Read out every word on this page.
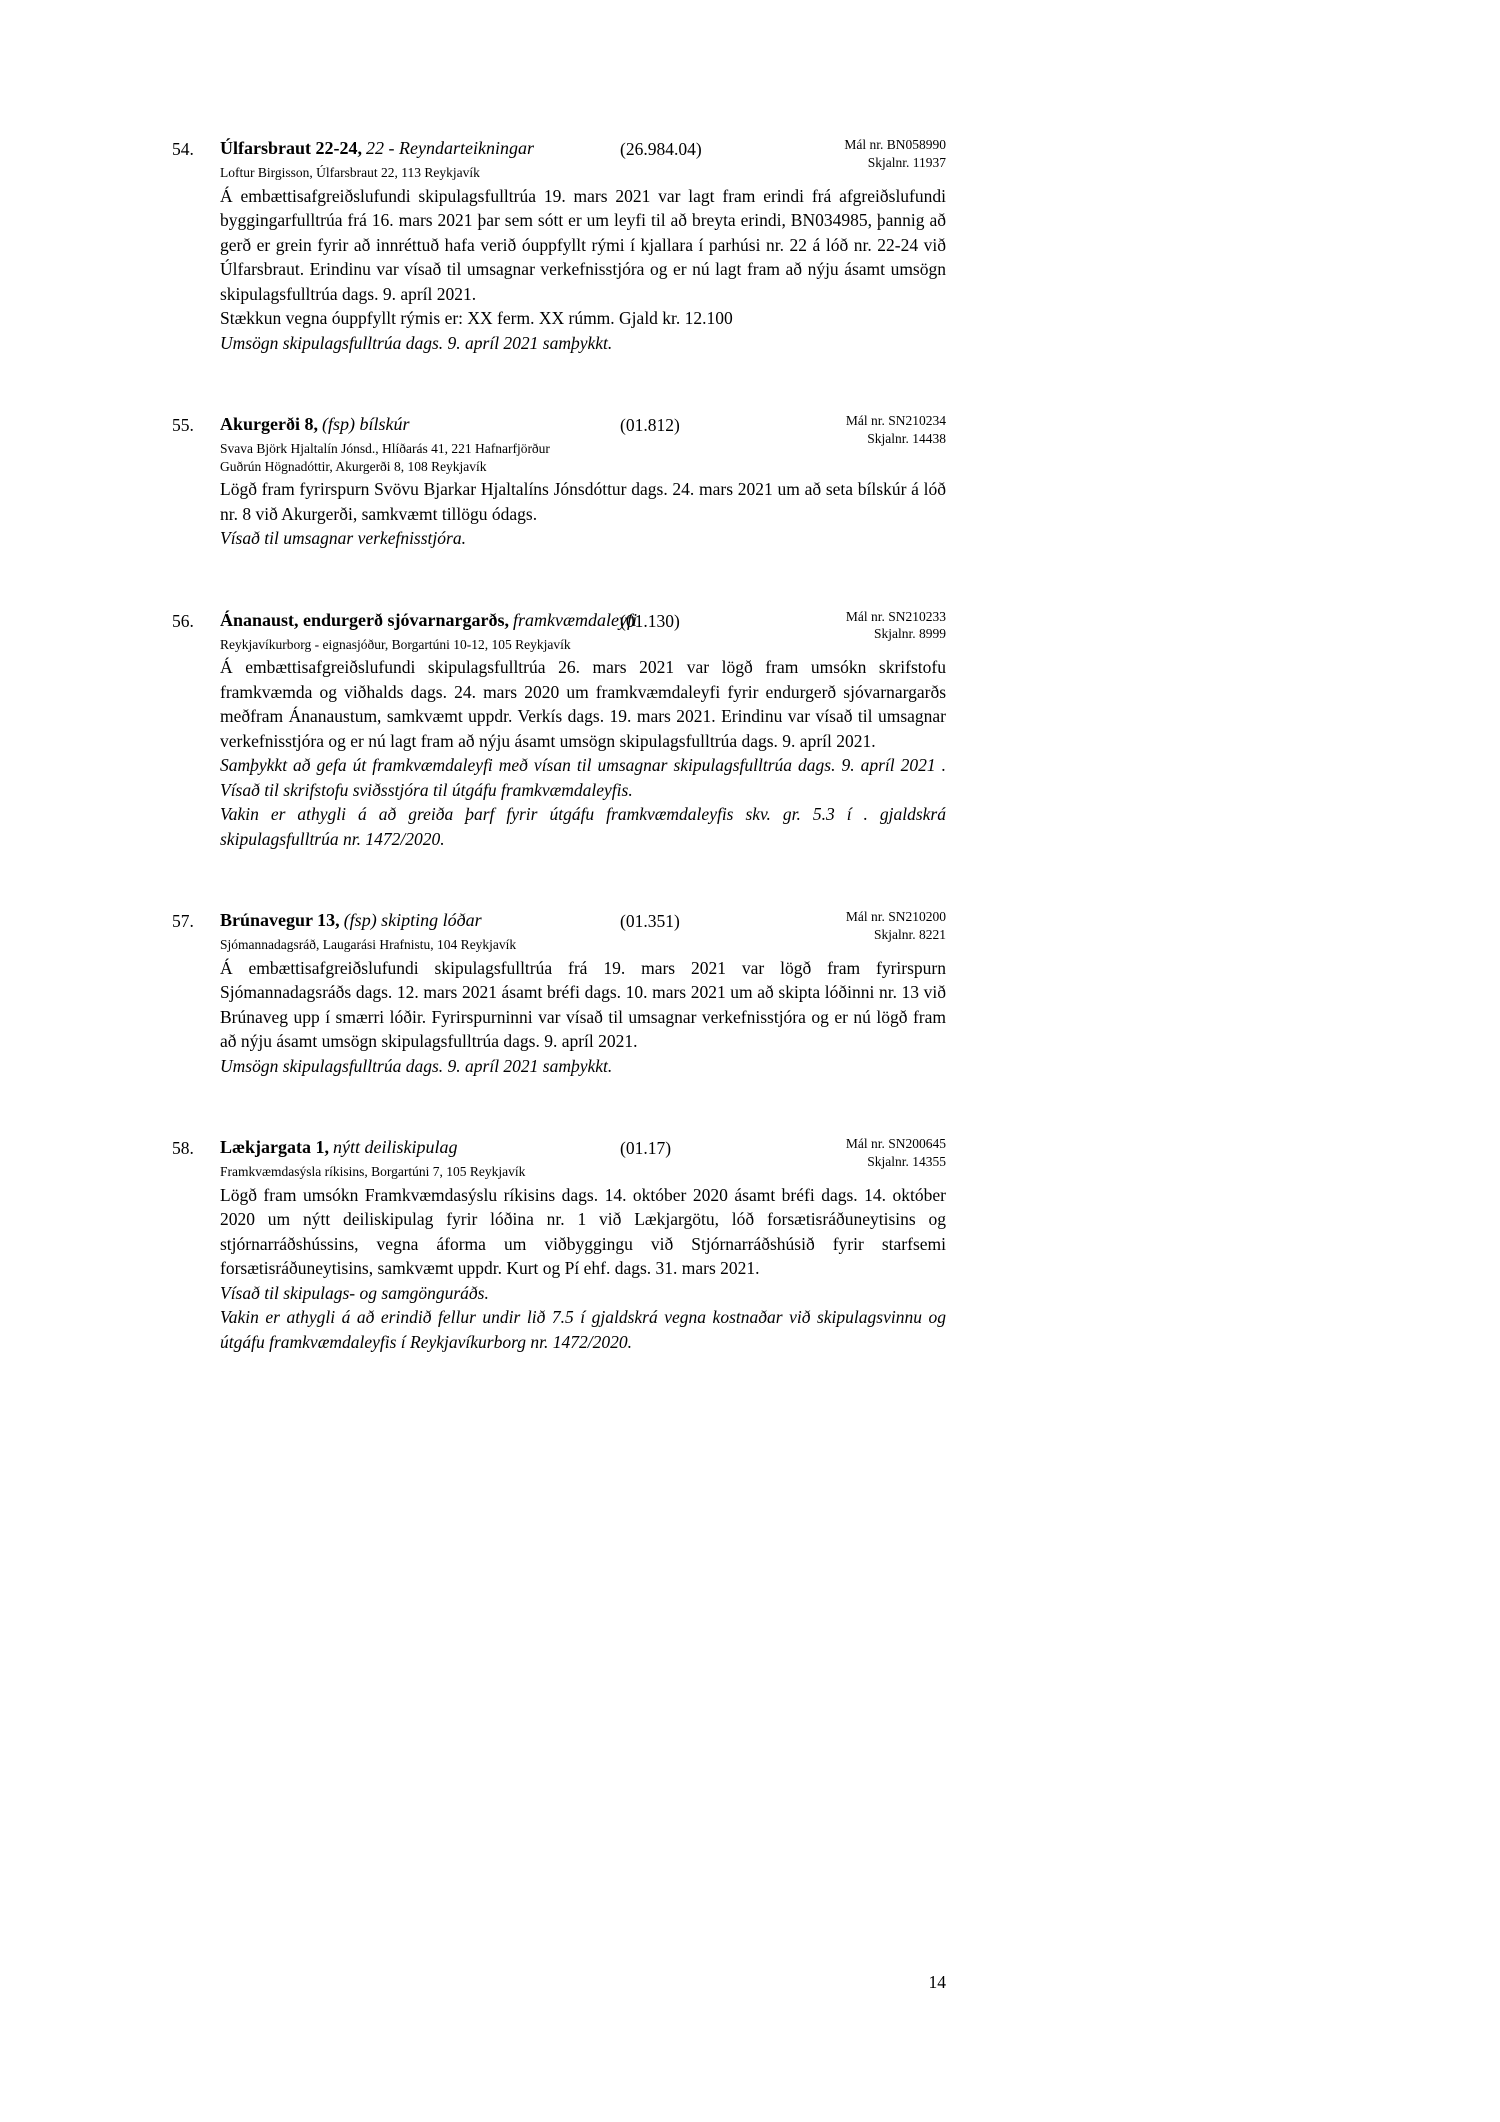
54. Úlfarsbraut 22-24, 22 - Reyndarteikningar	(26.984.04)	Mál nr. BN058990
Skjalnr. 11937
Loftur Birgisson, Úlfarsbraut 22, 113 Reykjavík

Á embættisafgreiðslufundi skipulagsfulltrúa 19. mars 2021 var lagt fram erindi frá afgreiðslufundi byggingarfulltrúa frá 16. mars 2021 þar sem sótt er um leyfi til að breyta erindi, BN034985, þannig að gerð er grein fyrir að innréttuð hafa verið óuppfyllt rými í kjallara í parhúsi nr. 22 á lóð nr. 22-24 við Úlfarsbraut. Erindinu var vísað til umsagnar verkefnisstjóra og er nú lagt fram að nýju ásamt umsögn skipulagsfulltrúa dags. 9. apríl 2021.

Stækkun vegna óuppfyllt rýmis er: XX ferm. XX rúmm. Gjald kr. 12.100

Umsögn skipulagsfulltrúa dags. 9. apríl 2021 samþykkt.

55. Akurgerði 8, (fsp) bílskúr	(01.812)	Mál nr. SN210234
Skjalnr. 14438
Svava Björk Hjaltalín Jónsd., Hlíðarás 41, 221 Hafnarfjörður
Guðrún Högnadóttir, Akurgerði 8, 108 Reykjavík

Lögð fram fyrirspurn Svövu Bjarkar Hjaltalíns Jónsdóttur dags. 24. mars 2021 um að seta bílskúr á lóð nr. 8 við Akurgerði, samkvæmt tillögu ódags.

Vísað til umsagnar verkefnisstjóra.

56. Ánanaust, endurgerð sjóvarnargarðs, framkvæmdaleyfi
(01.130)	Mál nr. SN210233
Skjalnr. 8999
Reykjavíkurborg - eignasjóður, Borgartúni 10-12, 105 Reykjavík

Á embættisafgreiðslufundi skipulagsfulltrúa 26. mars 2021 var lögð fram umsókn skrifstofu framkvæmda og viðhalds dags. 24. mars 2020 um framkvæmdaleyfi fyrir endurgerð sjóvarnargarðs meðfram Ánanaustum, samkvæmt uppdr. Verkís dags. 19. mars 2021. Erindinu var vísað til umsagnar verkefnisstjóra og er nú lagt fram að nýju ásamt umsögn skipulagsfulltrúa dags. 9. apríl 2021.

Samþykkt að gefa út framkvæmdaleyfi með vísan til umsagnar skipulagsfulltrúa dags. 9. apríl 2021 . Vísað til skrifstofu sviðsstjóra til útgáfu framkvæmdaleyfis.

Vakin er athygli á að greiða þarf fyrir útgáfu framkvæmdaleyfis skv. gr. 5.3 í . gjaldskrá skipulagsfulltrúa nr. 1472/2020.

57. Brúnavegur 13, (fsp) skipting lóðar	(01.351)	Mál nr. SN210200
Skjalnr. 8221
Sjómannadagsráð, Laugarási Hrafnistu, 104 Reykjavík

Á embættisafgreiðslufundi skipulagsfulltrúa frá 19. mars 2021 var lögð fram fyrirspurn Sjómannadagsráðs dags. 12. mars 2021 ásamt bréfi dags. 10. mars 2021 um að skipta lóðinni nr. 13 við Brúnaveg upp í smærri lóðir. Fyrirspurninni var vísað til umsagnar verkefnisstjóra og er nú lögð fram að nýju ásamt umsögn skipulagsfulltrúa dags. 9. apríl 2021.

Umsögn skipulagsfulltrúa dags. 9. apríl 2021 samþykkt.

58. Lækjargata 1, nýtt deiliskipulag	(01.17)	Mál nr. SN200645
Skjalnr. 14355
Framkvæmdasýsla ríkisins, Borgartúni 7, 105 Reykjavík

Lögð fram umsókn Framkvæmdasýslu ríkisins dags. 14. október 2020 ásamt bréfi dags. 14. október 2020 um nýtt deiliskipulag fyrir lóðina nr. 1 við Lækjargötu, lóð forsætisráðuneytisins og stjórnarráðshússins, vegna áforma um viðbyggingu við Stjórnarráðshúsið fyrir starfsemi forsætisráðuneytisins, samkvæmt uppdr. Kurt og Pí ehf. dags. 31. mars 2021.

Vísað til skipulags- og samgönguráðs.

Vakin er athygli á að erindið fellur undir lið 7.5 í gjaldskrá vegna kostnaðar við skipulagsvinnu og útgáfu framkvæmdaleyfis í Reykjavíkurborg nr. 1472/2020.

14
